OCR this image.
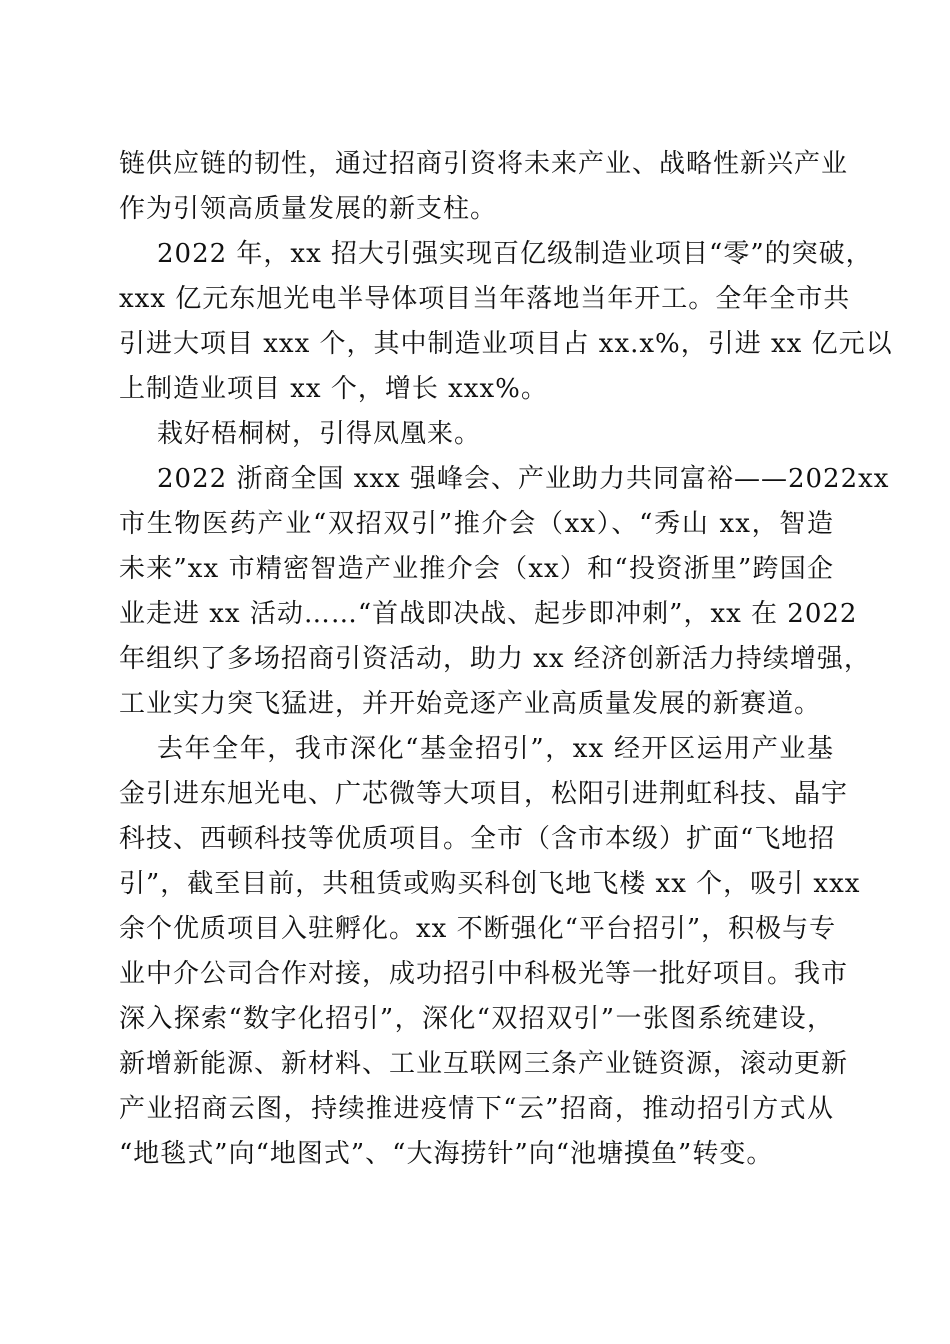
链供应链的韧性，通过招商引资将未来产业、战略性新兴产业
作为引领高质量发展的新支柱。
2022 年，xx 招大引强实现百亿级制造业项目“零”的突破，
xxx 亿元东旭光电半导体项目当年落地当年开工。全年全市共
引进大项目 xxx 个，其中制造业项目占 xx.x%，引进 xx 亿元以
上制造业项目 xx 个，增长 xxx%。
栽好梧桐树，引得凤凰来。
2022 浙商全国 xxx 强峰会、产业助力共同富裕——2022xx
市生物医药产业“双招双引”推介会（xx）、“秀山 xx，智造
未来”xx 市精密智造产业推介会（xx）和“投资浙里”跨国企
业走进 xx 活动……“首战即决战、起步即冲刺”，xx 在 2022
年组织了多场招商引资活动，助力 xx 经济创新活力持续增强，
工业实力突飞猛进，并开始竞逐产业高质量发展的新赛道。
去年全年，我市深化“基金招引”，xx 经开区运用产业基
金引进东旭光电、广芯微等大项目，松阳引进荆虹科技、晶宇
科技、西顿科技等优质项目。全市（含市本级）扩面“飞地招
引”，截至目前，共租赁或购买科创飞地飞楼 xx 个，吸引 xxx
余个优质项目入驻孵化。xx 不断强化“平台招引”，积极与专
业中介公司合作对接，成功招引中科极光等一批好项目。我市
深入探索“数字化招引”，深化“双招双引”一张图系统建设，
新增新能源、新材料、工业互联网三条产业链资源，滚动更新
产业招商云图，持续推进疫情下“云”招商，推动招引方式从
“地毯式”向“地图式”、“大海捞针”向“池塘摸鱼”转变。
